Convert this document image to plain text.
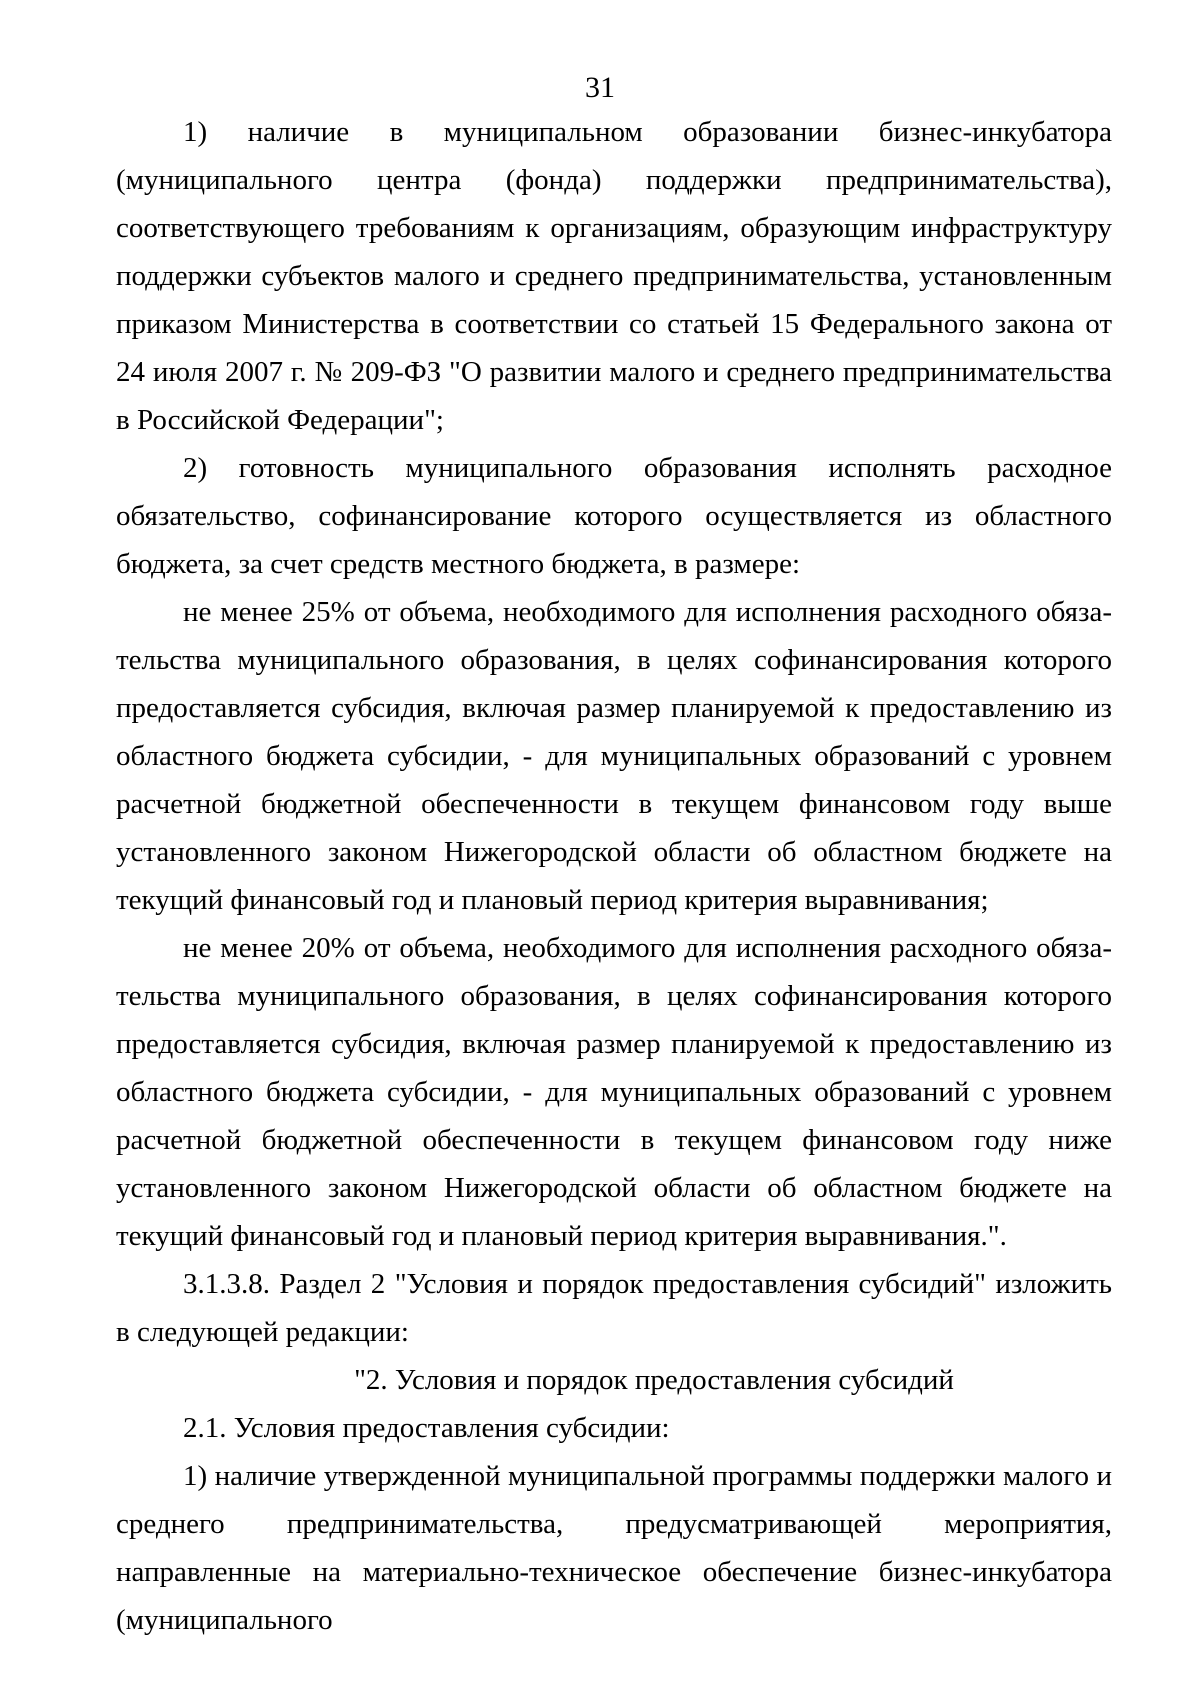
31

1) наличие в муниципальном образовании бизнес-инкубатора (муниципального центра (фонда) поддержки предпринимательства), соответствующего требованиям к организациям, образующим инфраструктуру поддержки субъектов малого и среднего предпринимательства, установленным приказом Министерства в соответствии со статьей 15 Федерального закона от 24 июля 2007 г. № 209-ФЗ "О развитии малого и среднего предпринимательства в Российской Федерации";

2) готовность муниципального образования исполнять расходное обязательство, софинансирование которого осуществляется из областного бюджета, за счет средств местного бюджета, в размере:

не менее 25% от объема, необходимого для исполнения расходного обязательства муниципального образования, в целях софинансирования которого предоставляется субсидия, включая размер планируемой к предоставлению из областного бюджета субсидии, - для муниципальных образований с уровнем расчетной бюджетной обеспеченности в текущем финансовом году выше установленного законом Нижегородской области об областном бюджете на текущий финансовый год и плановый период критерия выравнивания;

не менее 20% от объема, необходимого для исполнения расходного обязательства муниципального образования, в целях софинансирования которого предоставляется субсидия, включая размер планируемой к предоставлению из областного бюджета субсидии, - для муниципальных образований с уровнем расчетной бюджетной обеспеченности в текущем финансовом году ниже установленного законом Нижегородской области об областном бюджете на текущий финансовый год и плановый период критерия выравнивания.".

3.1.3.8. Раздел 2 "Условия и порядок предоставления субсидий" изложить в следующей редакции:

"2. Условия и порядок предоставления субсидий

2.1. Условия предоставления субсидии:

1) наличие утвержденной муниципальной программы поддержки малого и среднего предпринимательства, предусматривающей мероприятия, направленные на материально-техническое обеспечение бизнес-инкубатора (муниципального
